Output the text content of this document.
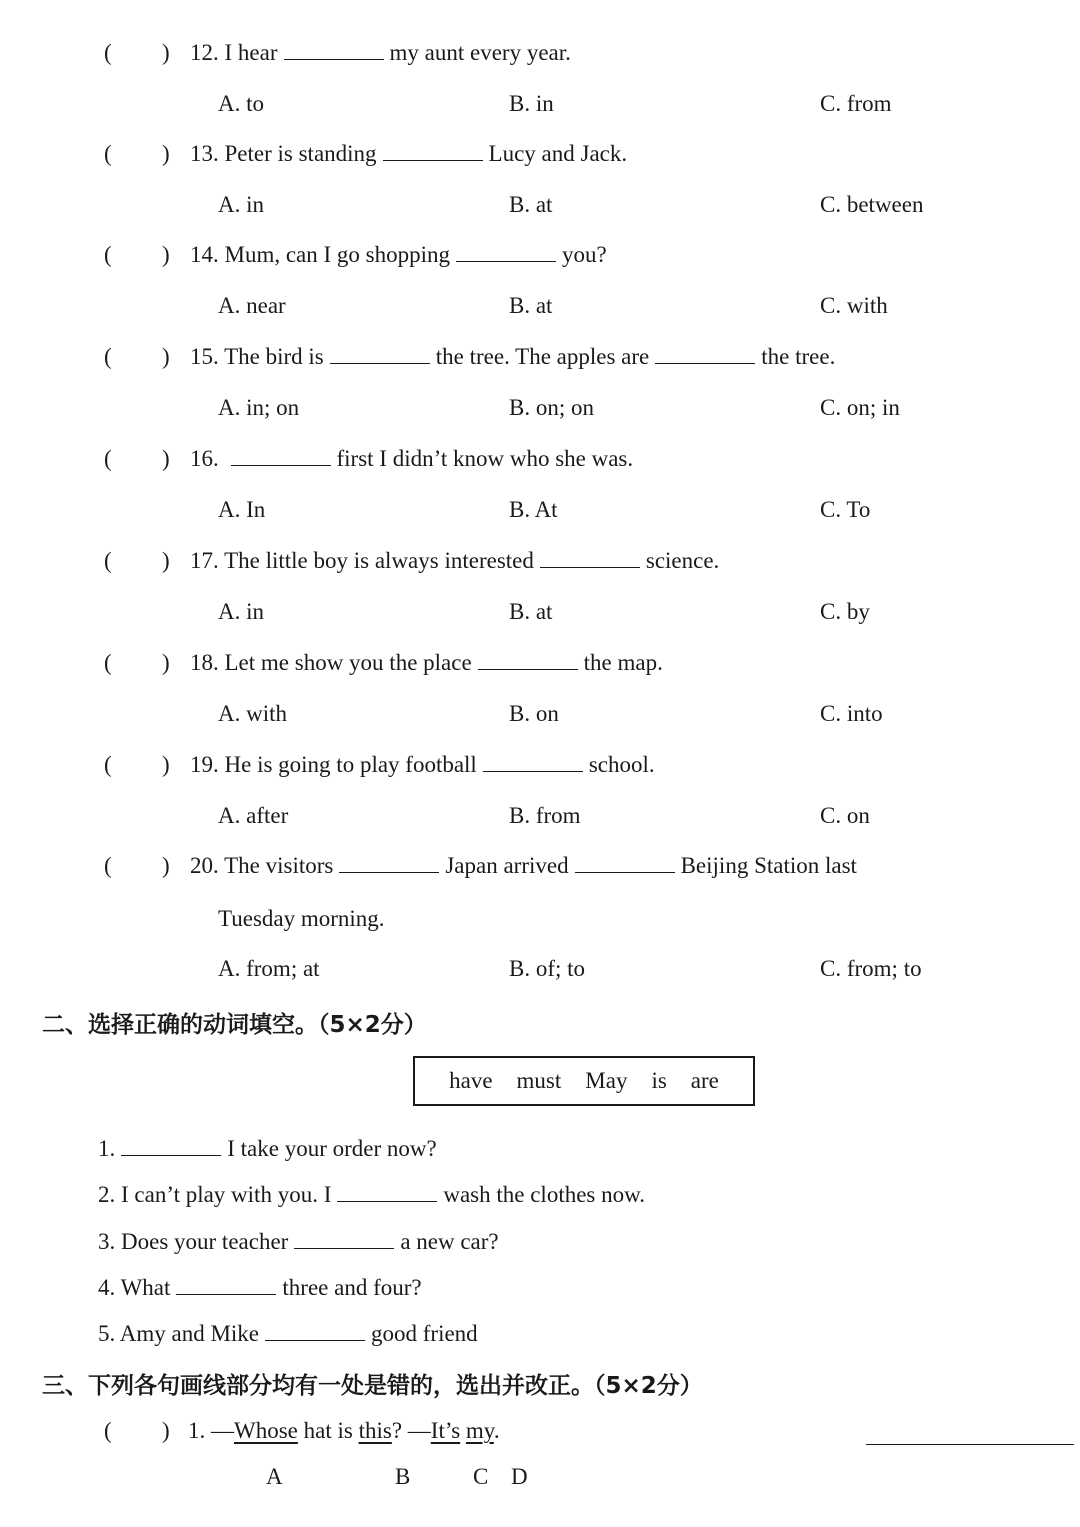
( ) 12. I hear	my aunt every year.
A. to	B. in	C. from
( ) 13. Peter is standing	Lucy and Jack.
A. in	B. at	C. between
( ) 14. Mum, can I go shopping	you?
A. near	B. at	C. with
( ) 15. The bird is	the tree. The apples are	the tree.
A. in; on	B. on; on	C. on; in
( ) 16.	first I didn’t know who she was.
A. In	B. At	C. To
( ) 17. The little boy is always interested	science.
A. in	B. at	C. by
( ) 18. Let me show you the place	the map.
A. with	B. on	C. into
( ) 19. He is going to play football	school.
A. after	B. from	C. on
( ) 20. The visitors	Japan arrived	Beijing Station last
Tuesday morning.
A. from; at	B. of; to	C. from; to
二、选择正确的动词填空。（5×2分）
have must May is are
1.	I take your order now?
2. I can’t play with you. I	wash the clothes now.
3. Does your teacher	a new car?
4. What	three and four?
5. Amy and Mike	good friend
三、下列各句画线部分均有一处是错的，选出并改正。（5×2分）
( ) 1. —Whose hat is this? —It’s my.
A	B	C D
